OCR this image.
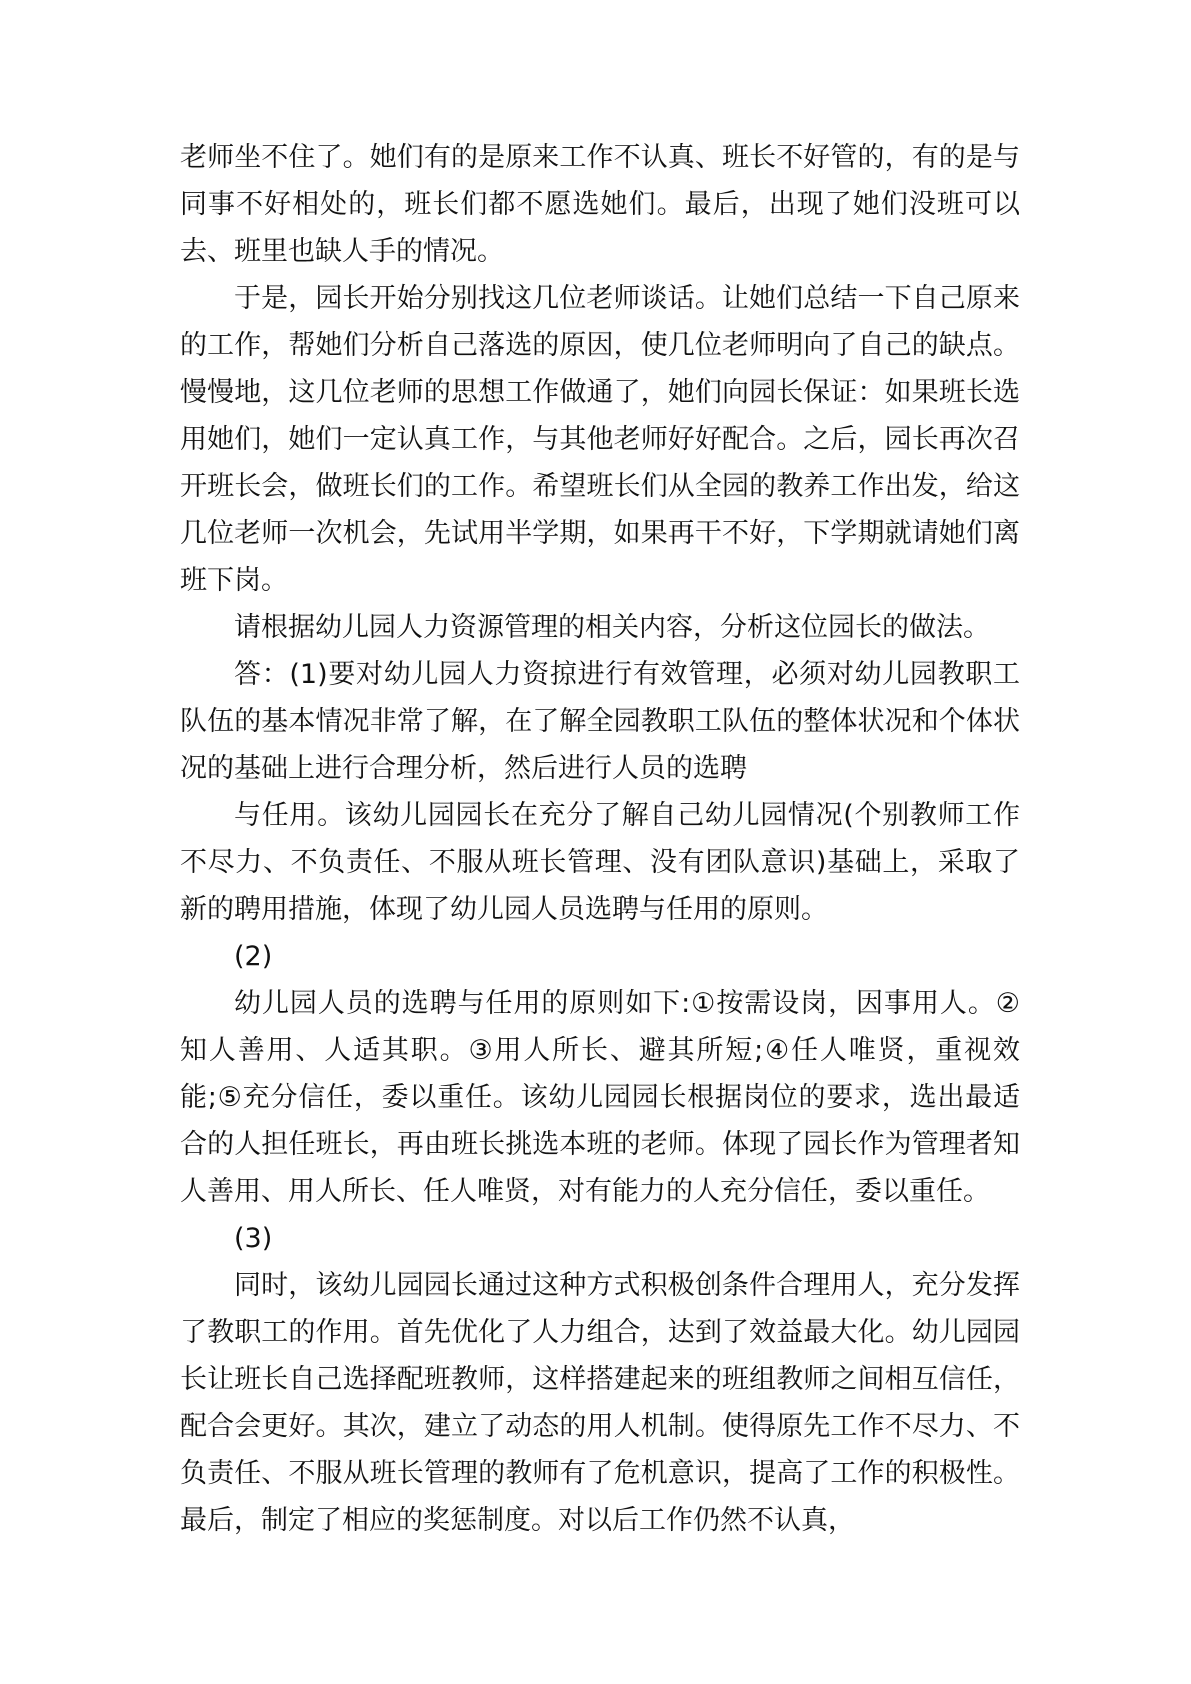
老师坐不住了。她们有的是原来工作不认真、班长不好管的，有的是与同事不好相处的，班长们都不愿选她们。最后，出现了她们没班可以去、班里也缺人手的情况。

于是，园长开始分别找这几位老师谈话。让她们总结一下自己原来的工作，帮她们分析自己落选的原因，使几位老师明向了自己的缺点。慢慢地，这几位老师的思想工作做通了，她们向园长保证：如果班长选用她们，她们一定认真工作，与其他老师好好配合。之后，园长再次召开班长会，做班长们的工作。希望班长们从全园的教养工作出发，给这几位老师一次机会，先试用半学期，如果再干不好，下学期就请她们离班下岗。

请根据幼儿园人力资源管理的相关内容，分析这位园长的做法。

答：(1)要对幼儿园人力资掠进行有效管理，必须对幼儿园教职工队伍的基本情况非常了解，在了解全园教职工队伍的整体状况和个体状况的基础上进行合理分析，然后进行人员的选聘

与任用。该幼儿园园长在充分了解自己幼儿园情况(个别教师工作不尽力、不负责任、不服从班长管理、没有团队意识)基础上，采取了新的聘用措施，体现了幼儿园人员选聘与任用的原则。

(2)

幼儿园人员的选聘与任用的原则如下:①按需设岗，因事用人。②知人善用、人适其职。③用人所长、避其所短;④任人唯贤，重视效能;⑤充分信任，委以重任。该幼儿园园长根据岗位的要求，选出最适合的人担任班长，再由班长挑选本班的老师。体现了园长作为管理者知人善用、用人所长、任人唯贤，对有能力的人充分信任，委以重任。

(3)

同时，该幼儿园园长通过这种方式积极创条件合理用人，充分发挥了教职工的作用。首先优化了人力组合，达到了效益最大化。幼儿园园长让班长自己选择配班教师，这样搭建起来的班组教师之间相互信任，配合会更好。其次，建立了动态的用人机制。使得原先工作不尽力、不负责任、不服从班长管理的教师有了危机意识，提高了工作的积极性。最后，制定了相应的奖惩制度。对以后工作仍然不认真，
